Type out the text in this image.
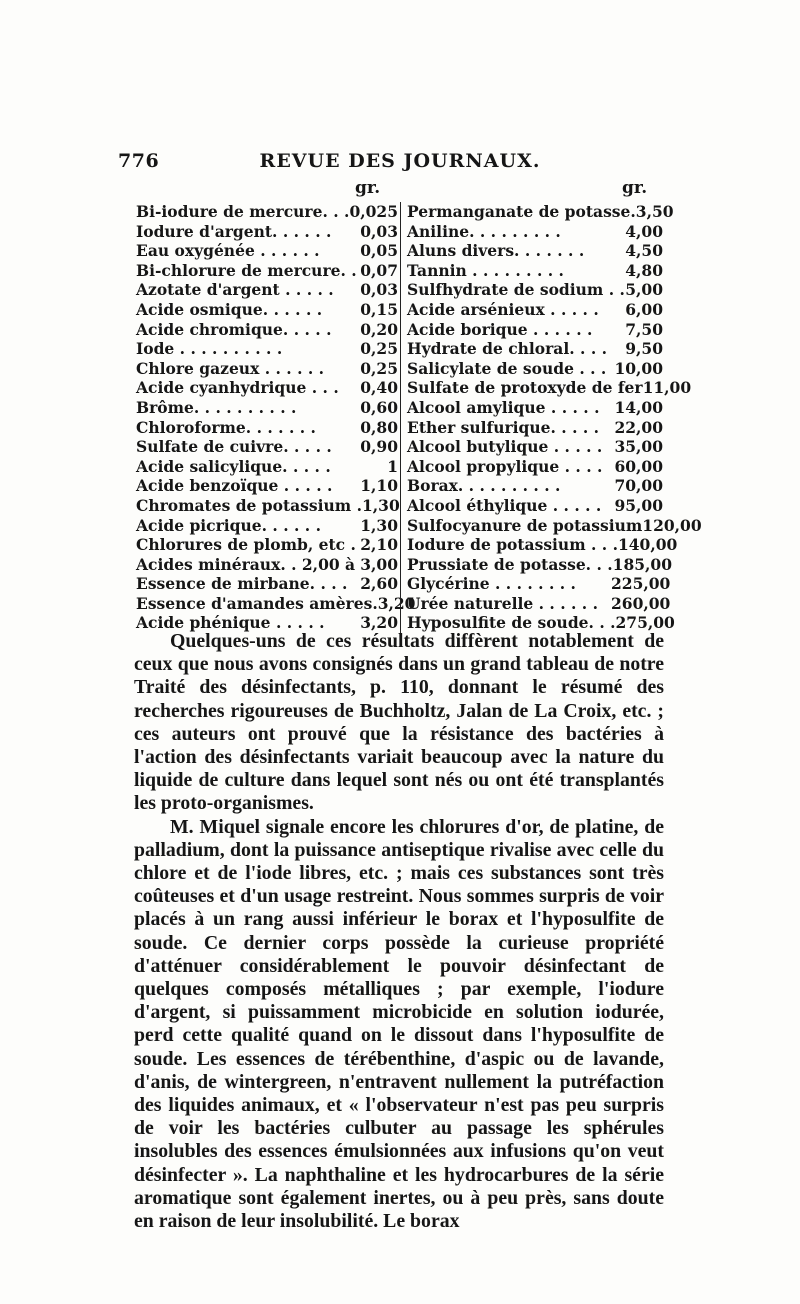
776	REVUE DES JOURNAUX.
gr.	gr.
Bi-iodure de mercure. . . 0,025
Iodure d'argent. . . . . .	0,03
Eau oxygénée . . . . . .	0,05
Bi-chlorure de mercure. . 0,07
Azotate d'argent . . . . .	0,03
Acide osmique. . . . . .	0,15
Acide chromique. . . . .	0,20
Iode . . . . . . . . . .	0,25
Chlore gazeux . . . . . .	0,25
Acide cyanhydrique . . .	0,40
Brôme. . . . . . . . . .	0,60
Chloroforme. . . . . . .	0,80
Sulfate de cuivre. . . . .	0,90
Acide salicylique. . . . .	1
Acide benzoïque . . . . .	1,10
Chromates de potassium . 1,30
Acide picrique. . . . . .	1,30
Chlorures de plomb, etc . 2,10
Acides minéraux. . 2,00 à 3,00
Essence de mirbane. . . . 2,60
Essence d'amandes amères. 3,20
Acide phénique . . . . .	3,20
Permanganate de potasse. 3,50
Aniline. . . . . . . . .	4,00
Aluns divers. . . . . . .	4,50
Tannin . . . . . . . . .	4,80
Sulfhydrate de sodium . . 5,00
Acide arsénieux . . . . .	6,00
Acide borique . . . . . .	7,50
Hydrate de chloral. . . .	9,50
Salicylate de soude . . . 10,00
Sulfate de protoxyde de fer 11,00
Alcool amylique . . . . . 14,00
Ether sulfurique. . . . . 22,00
Alcool butylique . . . . . 35,00
Alcool propylique . . . . 60,00
Borax. . . . . . . . . .	70,00
Alcool éthylique . . . . . 95,00
Sulfocyanure de potassium 120,00
Iodure de potassium . . . 140,00
Prussiate de potasse. . . 185,00
Glycérine . . . . . . . .	225,00
Urée naturelle . . . . . . 260,00
Hyposulfite de soude. . . 275,00

Quelques-uns de ces résultats diffèrent notablement de ceux que nous avons consignés dans un grand tableau de notre Traité des désinfectants, p. 110, donnant le résumé des recherches rigoureuses de Buchholtz, Jalan de La Croix, etc. ; ces auteurs ont prouvé que la résistance des bactéries à l'action des désinfectants variait beaucoup avec la nature du liquide de culture dans lequel sont nés ou ont été transplantés les proto-organismes.

M. Miquel signale encore les chlorures d'or, de platine, de palladium, dont la puissance antiseptique rivalise avec celle du chlore et de l'iode libres, etc. ; mais ces substances sont très coûteuses et d'un usage restreint. Nous sommes surpris de voir placés à un rang aussi inférieur le borax et l'hyposulfite de soude. Ce dernier corps possède la curieuse propriété d'atténuer considérablement le pouvoir désinfectant de quelques composés métalliques ; par exemple, l'iodure d'argent, si puissamment microbicide en solution iodurée, perd cette qualité quand on le dissout dans l'hyposulfite de soude. Les essences de térébenthine, d'aspic ou de lavande, d'anis, de wintergreen, n'entravent nullement la putréfaction des liquides animaux, et « l'observateur n'est pas peu surpris de voir les bactéries culbuter au passage les sphérules insolubles des essences émulsionnées aux infusions qu'on veut désinfecter ». La naphthaline et les hydrocarbures de la série aromatique sont également inertes, ou à peu près, sans doute en raison de leur insolubilité. Le borax
